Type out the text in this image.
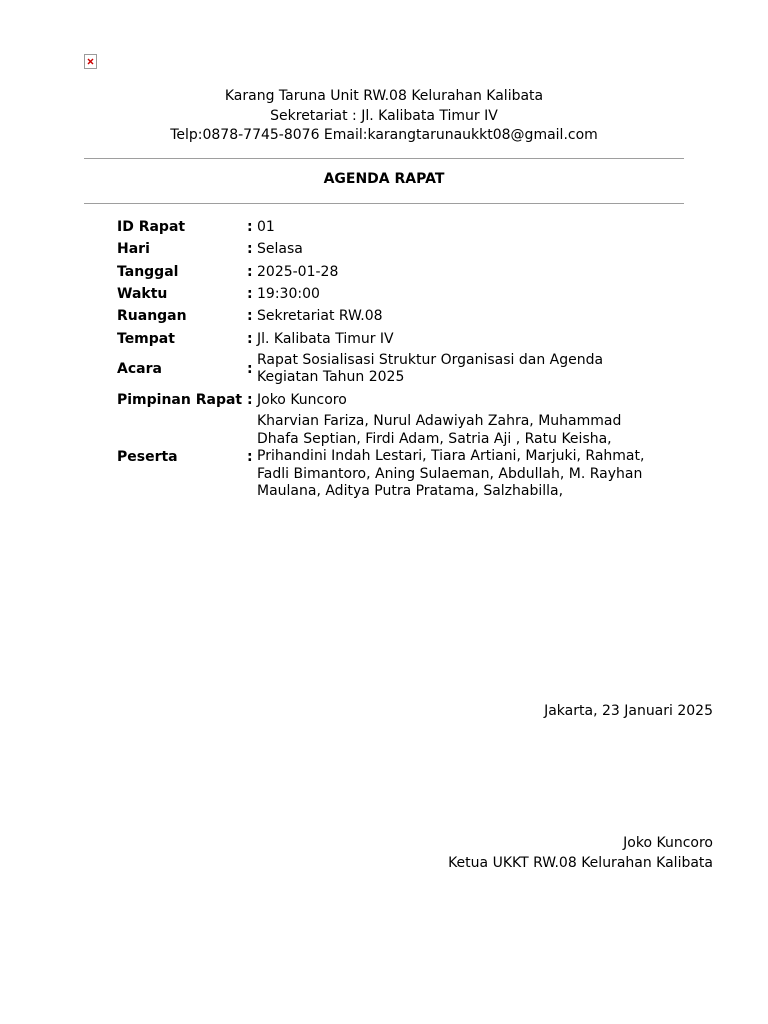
Karang Taruna Unit RW.08 Kelurahan Kalibata
Sekretariat : Jl. Kalibata Timur IV
Telp:0878-7745-8076 Email:karangtarunaukkt08@gmail.com
AGENDA RAPAT
ID Rapat	:	01
Hari	:	Selasa
Tanggal	:	2025-01-28
Waktu	:	19:30:00
Ruangan	:	Sekretariat RW.08
Tempat	:	Jl. Kalibata Timur IV
Acara	:	Rapat Sosialisasi Struktur Organisasi dan Agenda Kegiatan Tahun 2025
Pimpinan Rapat	:	Joko Kuncoro
Peserta	:	Kharvian Fariza, Nurul Adawiyah Zahra, Muhammad Dhafa Septian, Firdi Adam, Satria Aji , Ratu Keisha, Prihandini Indah Lestari, Tiara Artiani, Marjuki, Rahmat, Fadli Bimantoro, Aning Sulaeman, Abdullah, M. Rayhan Maulana, Aditya Putra Pratama, Salzhabilla,
Jakarta, 23 Januari 2025
Joko Kuncoro
Ketua UKKT RW.08 Kelurahan Kalibata
